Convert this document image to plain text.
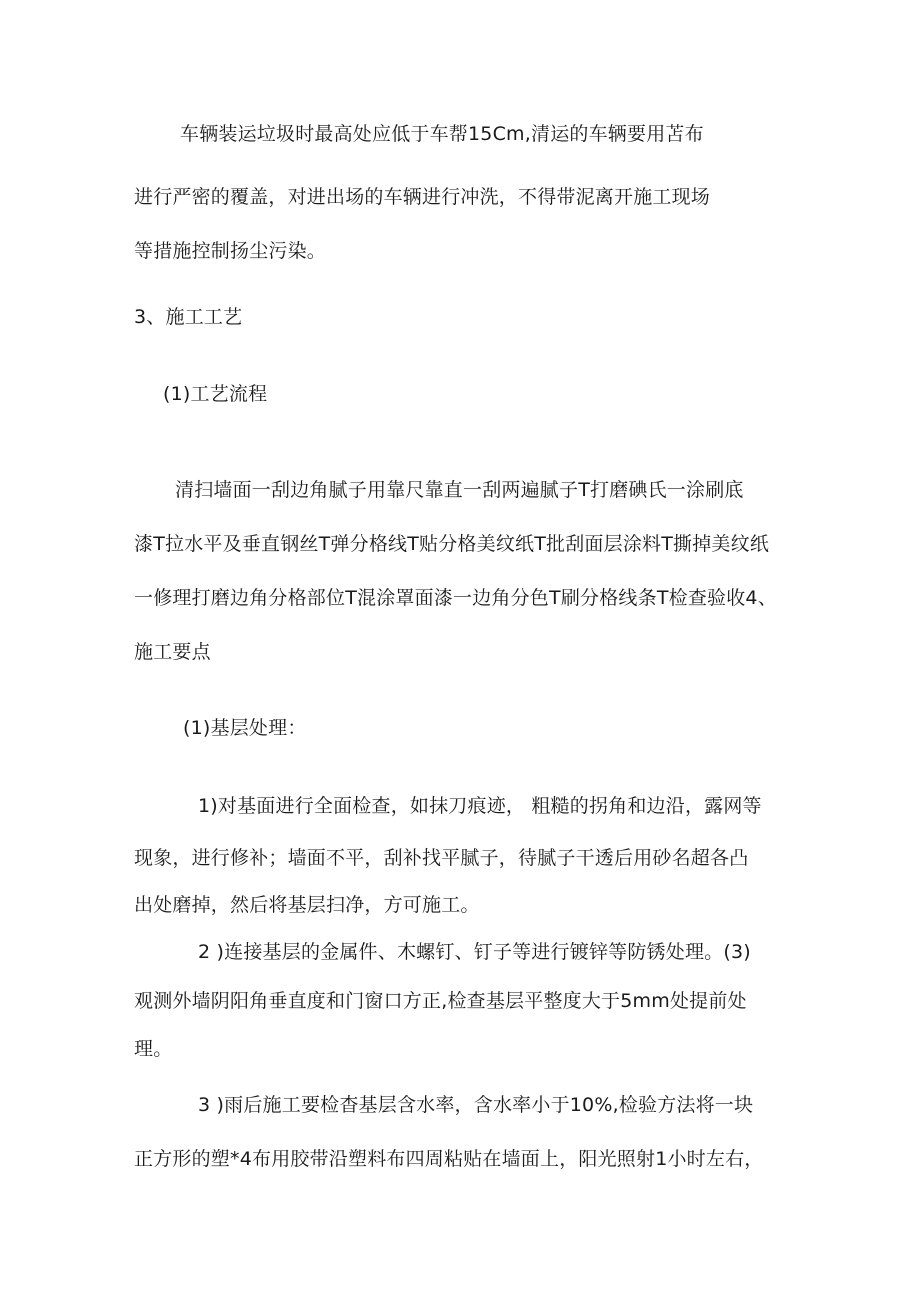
车辆装运垃圾时最高处应低于车帮15Cm,清运的车辆要用苫布
进行严密的覆盖，对进出场的车辆进行冲洗，不得带泥离开施工现场
等措施控制扬尘污染。
3、施工工艺
(1)工艺流程
清扫墙面一刮边角腻子用靠尺靠直一刮两遍腻子T打磨碘氏一涂刷底
漆T拉水平及垂直钢丝T弹分格线T贴分格美纹纸T批刮面层涂料T撕掉美纹纸
一修理打磨边角分格部位T混涂罩面漆一边角分色T刷分格线条T检查验收4、
施工要点
(1)基层处理：
1)对基面进行全面检查，如抹刀痕迹， 粗糙的拐角和边沿，露网等
现象，进行修补；墙面不平，刮补找平腻子，待腻子干透后用砂名超各凸
出处磨掉，然后将基层扫净，方可施工。
2 )连接基层的金属件、木螺钉、钉子等进行镀锌等防锈处理。(3)
观测外墙阴阳角垂直度和门窗口方正,检查基层平整度大于5mm处提前处
理。
3 )雨后施工要检杳基层含水率，含水率小于10%,检验方法将一块
正方形的塑*4布用胶带沿塑料布四周粘贴在墙面上，阳光照射1小时左右，
